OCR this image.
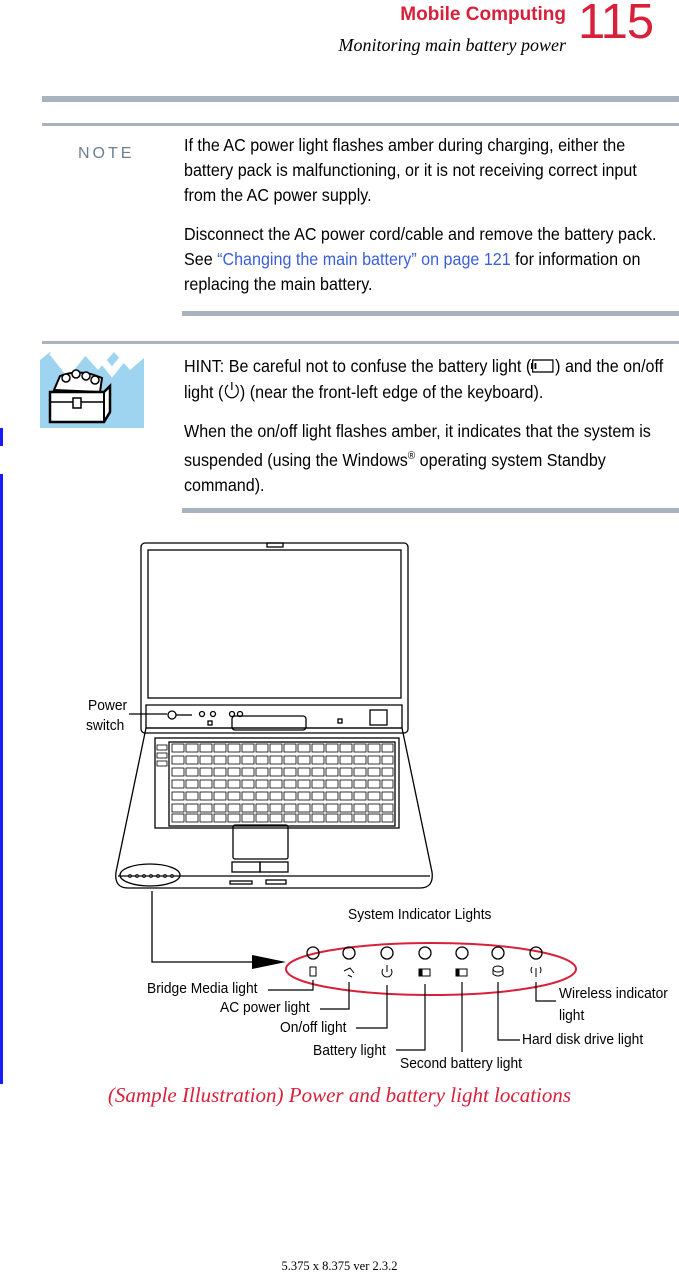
Mobile Computing
Monitoring main battery power 115
NOTE	If the AC power light flashes amber during charging, either the battery pack is malfunctioning, or it is not receiving correct input from the AC power supply.
Disconnect the AC power cord/cable and remove the battery pack. See “Changing the main battery” on page 121 for information on replacing the main battery.
HINT: Be careful not to confuse the battery light ( ) and the on/off light ( ) (near the front-left edge of the keyboard).
When the on/off light flashes amber, it indicates that the system is suspended (using the Windows® operating system Standby command).
Power
switch
System Indicator Lights
Bridge Media light
AC power light
On/off light
Battery light
Second battery light
Hard disk drive light
Wireless indicator
light
(Sample Illustration) Power and battery light locations
5.375 x 8.375 ver 2.3.2
